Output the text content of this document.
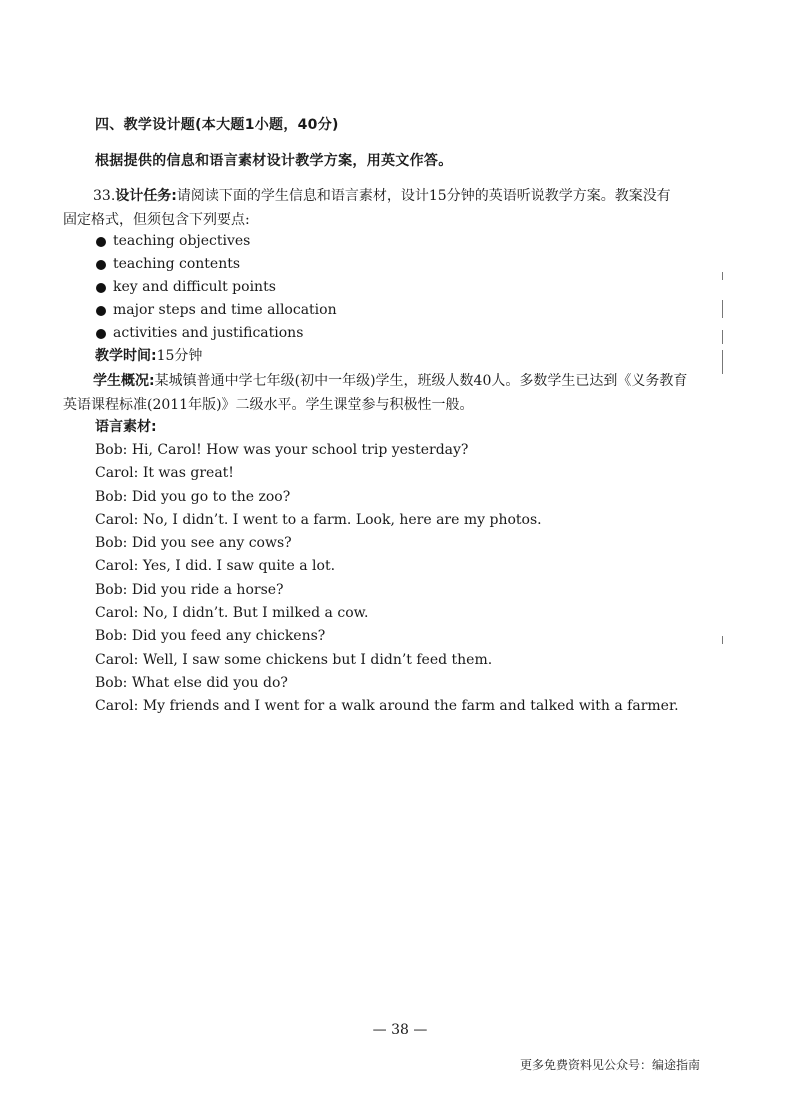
四、教学设计题(本大题1小题，40分)
根据提供的信息和语言素材设计教学方案，用英文作答。
33.设计任务:请阅读下面的学生信息和语言素材，设计15分钟的英语听说教学方案。教案没有固定格式，但须包含下列要点:
teaching objectives
teaching contents
key and difficult points
major steps and time allocation
activities and justifications
教学时间:15分钟
学生概况:某城镇普通中学七年级(初中一年级)学生，班级人数40人。多数学生已达到《义务教育英语课程标准(2011年版)》二级水平。学生课堂参与积极性一般。
语言素材:
Bob: Hi, Carol! How was your school trip yesterday?
Carol: It was great!
Bob: Did you go to the zoo?
Carol: No, I didn’t. I went to a farm. Look, here are my photos.
Bob: Did you see any cows?
Carol: Yes, I did. I saw quite a lot.
Bob: Did you ride a horse?
Carol: No, I didn’t. But I milked a cow.
Bob: Did you feed any chickens?
Carol: Well, I saw some chickens but I didn’t feed them.
Bob: What else did you do?
Carol: My friends and I went for a walk around the farm and talked with a farmer.
— 38 —
更多免费资料见公众号：编途指南
